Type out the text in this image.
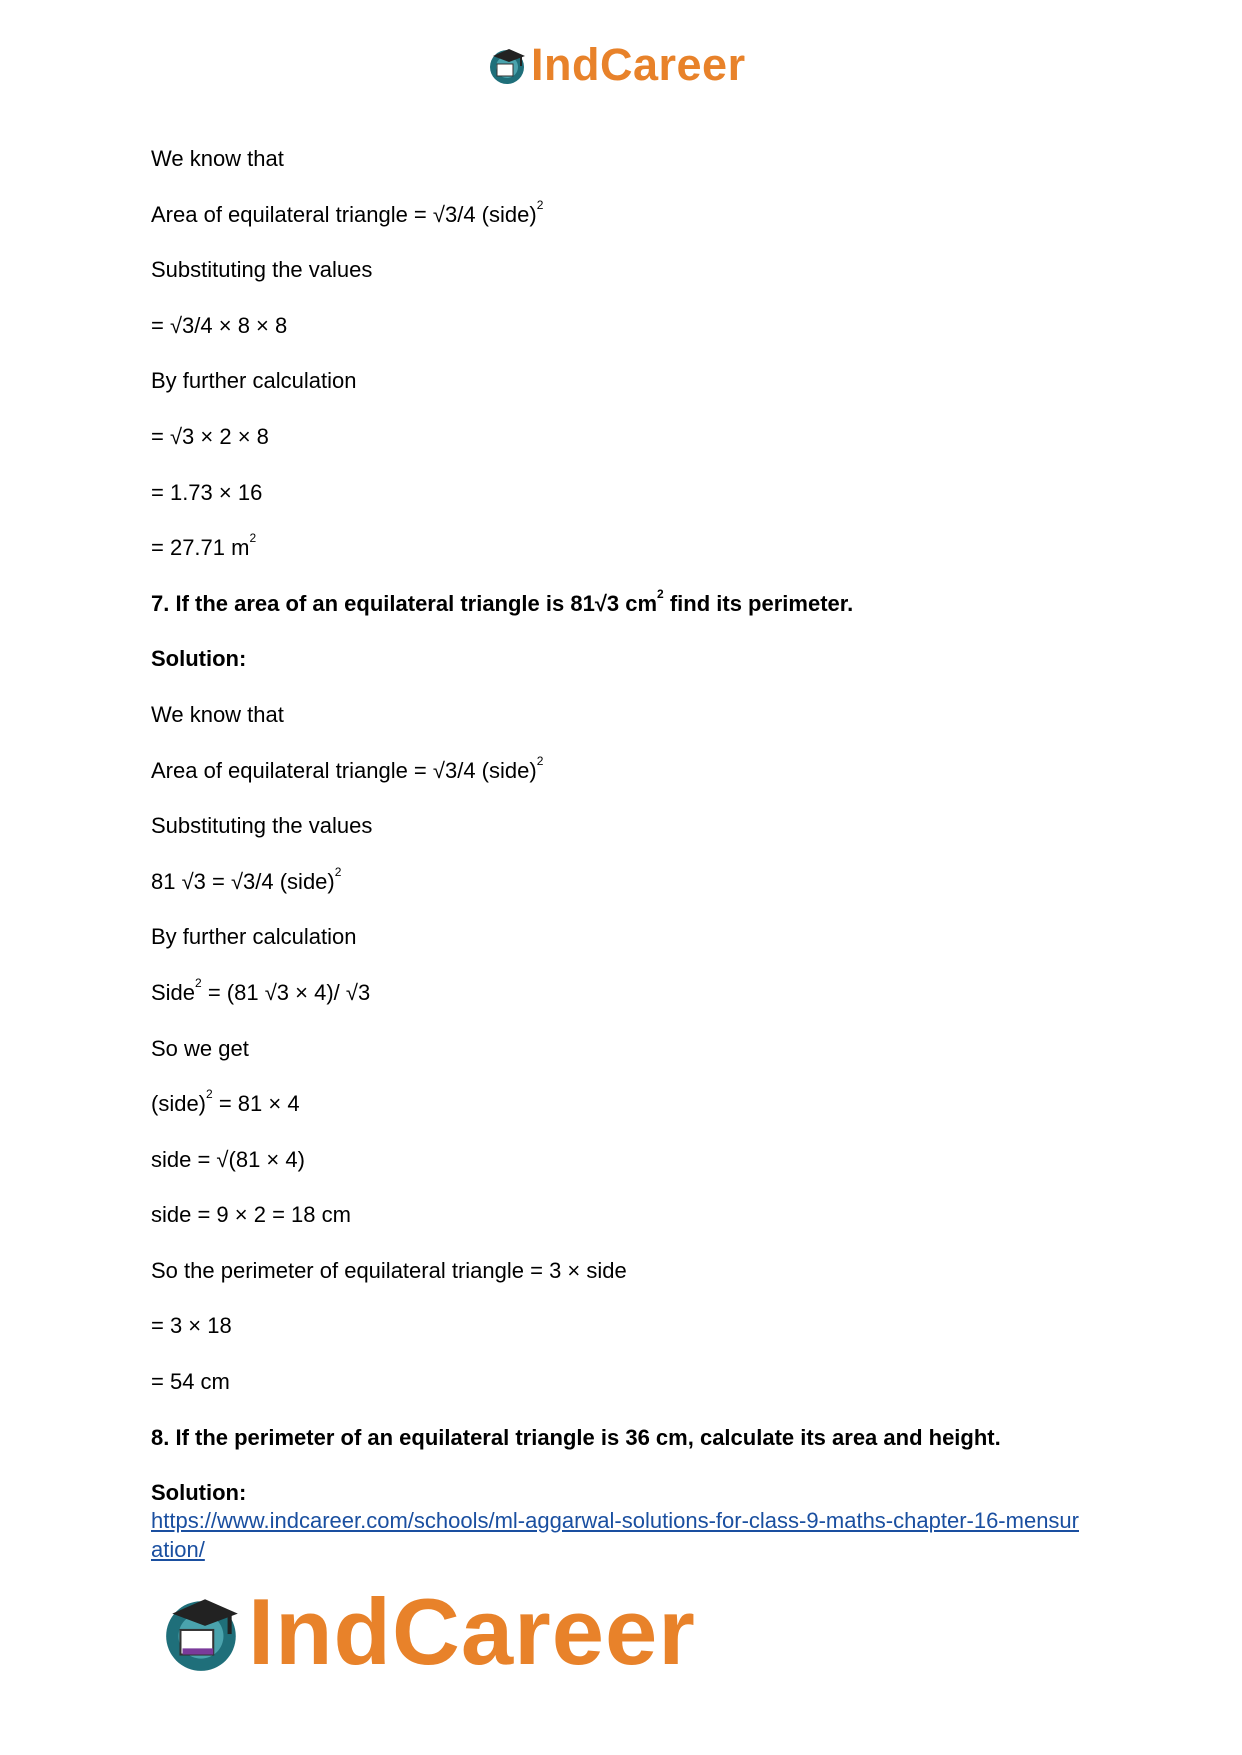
IndCareer
We know that
Area of equilateral triangle = √3/4 (side)$^2$
Substituting the values
= √3/4 × 8 × 8
By further calculation
= √3 × 2 × 8
= 1.73 × 16
= 27.71 $m^2$
7. If the area of an equilateral triangle is 81√3 $cm^2$ find its perimeter.
Solution:
We know that
Area of equilateral triangle = √3/4 (side)$^2$
Substituting the values
81 √3 = √3/4 (side)$^2$
By further calculation
Side$^2$ = (81 √3 × 4)/ √3
So we get
(side)$^2$ = 81 × 4
side = √(81 × 4)
side = 9 × 2 = 18 cm
So the perimeter of equilateral triangle = 3 × side
= 3 × 18
= 54 cm
8. If the perimeter of an equilateral triangle is 36 cm, calculate its area and height.
Solution:
https://www.indcareer.com/schools/ml-aggarwal-solutions-for-class-9-maths-chapter-16-mensuration/
IndCareer
